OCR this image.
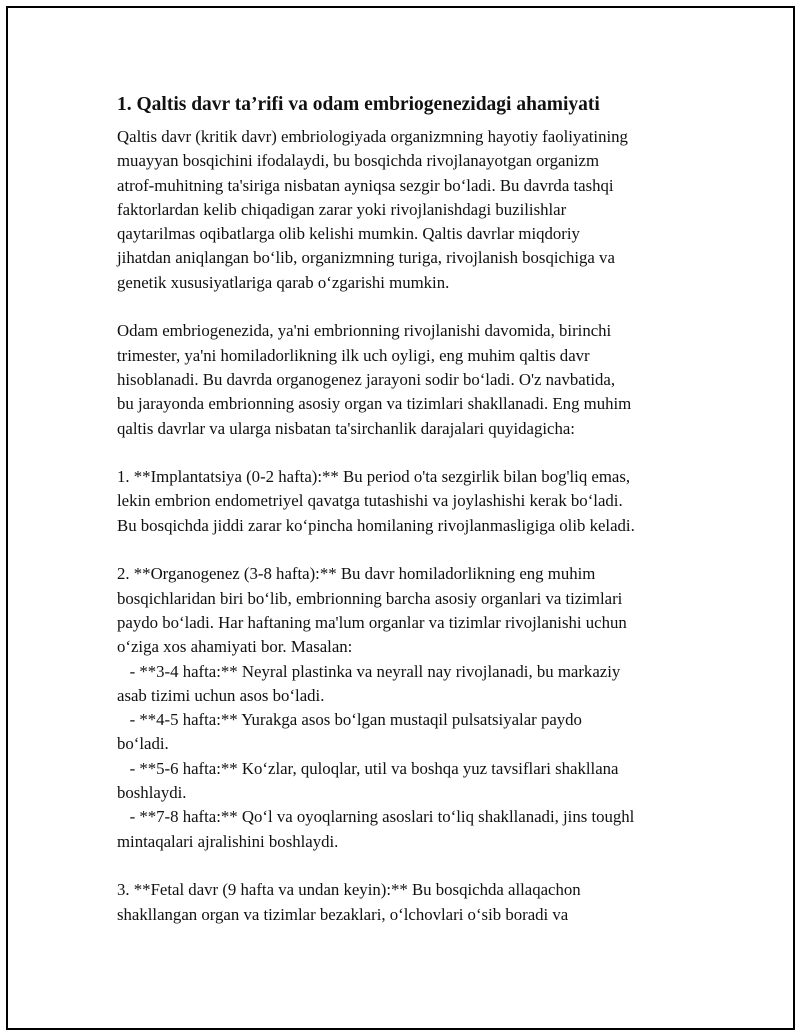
1. Qaltis davr ta’rifi va odam embriogenezidagi ahamiyati
Qaltis davr (kritik davr) embriologiyada organizmning hayotiy faoliyatining
muayyan bosqichini ifodalaydi, bu bosqichda rivojlanayotgan organizm
atrof-muhitning ta'siriga nisbatan ayniqsa sezgir bo‘ladi. Bu davrda tashqi
faktorlardan kelib chiqadigan zarar yoki rivojlanishdagi buzilishlar
qaytarilmas oqibatlarga olib kelishi mumkin. Qaltis davrlar miqdoriy
jihatdan aniqlangan bo‘lib, organizmning turiga, rivojlanish bosqichiga va
genetik xususiyatlariga qarab o‘zgarishi mumkin.
Odam embriogenezida, ya'ni embrionning rivojlanishi davomida, birinchi
trimester, ya'ni homiladorlikning ilk uch oyligi, eng muhim qaltis davr
hisoblanadi. Bu davrda organogenez jarayoni sodir bo‘ladi. O'z navbatida,
bu jarayonda embrionning asosiy organ va tizimlari shakllanadi. Eng muhim
qaltis davrlar va ularga nisbatan ta'sirchanlik darajalari quyidagicha:
1. **Implantatsiya (0-2 hafta):** Bu period o'ta sezgirlik bilan bog'liq emas,
lekin embrion endometriyel qavatga tutashishi va joylashishi kerak bo‘ladi.
Bu bosqichda jiddi zarar ko‘pincha homilaning rivojlanmasligiga olib keladi.
2. **Organogenez (3-8 hafta):** Bu davr homiladorlikning eng muhim
bosqichlaridan biri bo‘lib, embrionning barcha asosiy organlari va tizimlari
paydo bo‘ladi. Har haftaning ma'lum organlar va tizimlar rivojlanishi uchun
o‘ziga xos ahamiyati bor. Masalan:
- **3-4 hafta:** Neyral plastinka va neyrall nay rivojlanadi, bu markaziy
asab tizimi uchun asos bo‘ladi.
- **4-5 hafta:** Yurakga asos bo‘lgan mustaqil pulsatsiyalar paydo
bo‘ladi.
- **5-6 hafta:** Ko‘zlar, quloqlar, util va boshqa yuz tavsiflari shakllana
boshlaydi.
- **7-8 hafta:** Qo‘l va oyoqlarning asoslari to‘liq shakllanadi, jins toughl
mintaqalari ajralishini boshlaydi.
3. **Fetal davr (9 hafta va undan keyin):** Bu bosqichda allaqachon
shakllangan organ va tizimlar bezaklari, o‘lchovlari o‘sib boradi va
